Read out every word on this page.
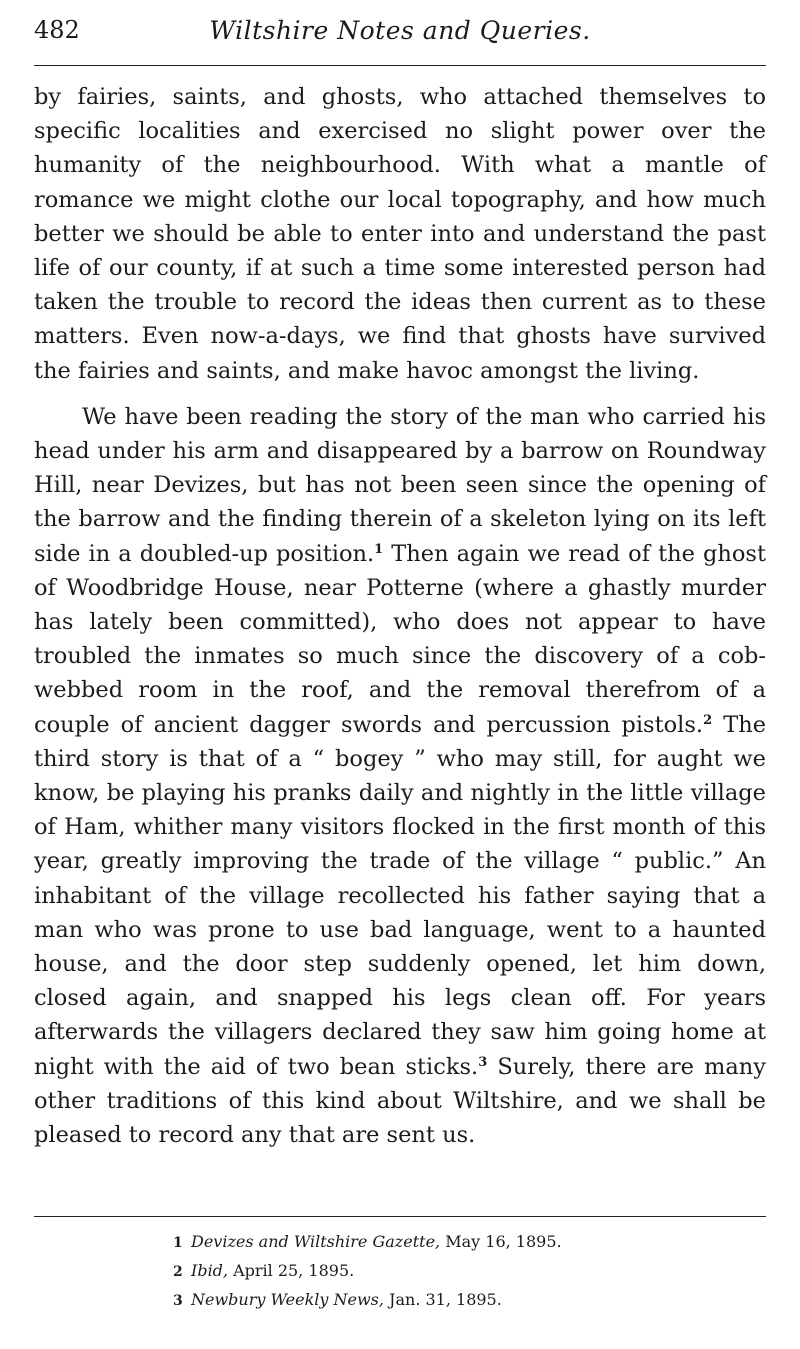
482	Wiltshire Notes and Queries.

by fairies, saints, and ghosts, who attached themselves to specific localities and exercised no slight power over the humanity of the neighbourhood. With what a mantle of romance we might clothe our local topography, and how much better we should be able to enter into and understand the past life of our county, if at such a time some interested person had taken the trouble to record the ideas then current as to these matters. Even now-a-days, we find that ghosts have survived the fairies and saints, and make havoc amongst the living.

We have been reading the story of the man who carried his head under his arm and disappeared by a barrow on Roundway Hill, near Devizes, but has not been seen since the opening of the barrow and the finding therein of a skeleton lying on its left side in a doubled-up position.$^1$ Then again we read of the ghost of Woodbridge House, near Potterne (where a ghastly murder has lately been committed), who does not appear to have troubled the inmates so much since the discovery of a cob-webbed room in the roof, and the removal therefrom of a couple of ancient dagger swords and percussion pistols.$^2$ The third story is that of a “ bogey ” who may still, for aught we know, be playing his pranks daily and nightly in the little village of Ham, whither many visitors flocked in the first month of this year, greatly improving the trade of the village “ public.” An inhabitant of the village recollected his father saying that a man who was prone to use bad language, went to a haunted house, and the door step suddenly opened, let him down, closed again, and snapped his legs clean off. For years afterwards the villagers declared they saw him going home at night with the aid of two bean sticks.$^3$ Surely, there are many other traditions of this kind about Wiltshire, and we shall be pleased to record any that are sent us.

1 Devizes and Wiltshire Gazette, May 16, 1895.
2 Ibid, April 25, 1895.
3 Newbury Weekly News, Jan. 31, 1895.
